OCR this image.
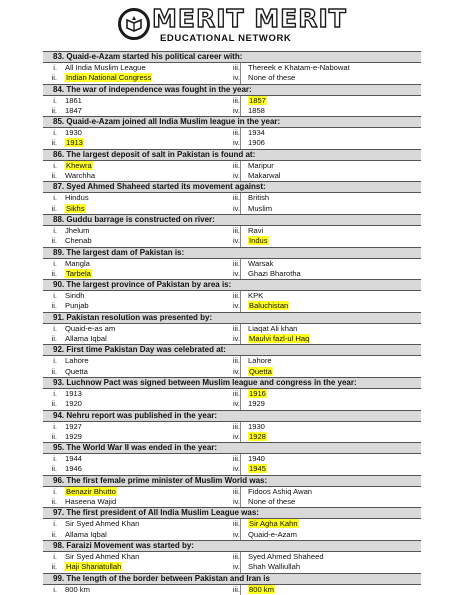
MERIT MERIT
EDUCATIONAL NETWORK
83. Quaid-e-Azam started his political career with:
i. All India Muslim League	iii. Thereek e Khatam-e-Nabowat
ii. Indian National Congress	iv. None of these
84. The war of independence was fought in the year:
i. 1861	iii. 1857
ii. 1847	iv. 1858
85. Quaid-e-Azam joined all India Muslim league in the year:
i. 1930	iii. 1934
ii. 1913	iv. 1906
86. The largest deposit of salt in Pakistan is found at:
i. Khewra	iii. Maripur
ii. Warchha	iv. Makarwal
87. Syed Ahmed Shaheed started its movement against:
i. Hindus	iii. British
ii. Sikhs	iv. Muslim
88. Guddu barrage is constructed on river:
i. Jhelum	iii. Ravi
ii. Chenab	iv. Indus
89. The largest dam of Pakistan is:
i. Mangla	iii. Warsak
ii. Tarbela	iv. Ghazi Bharotha
90. The largest province of Pakistan by area is:
i. Sindh	iii. KPK
ii. Punjab	iv. Baluchistan
91. Pakistan resolution was presented by:
i. Quaid-e-as am	iii. Liaqat Ali khan
ii. Allama Iqbal	iv. Maulvi fazl-ul Haq
92. First time Pakistan Day was celebrated at:
i. Lahore	iii. Lahore
ii. Quetta	iv. Quetta
93. Luchnow Pact was signed between Muslim league and congress in the year:
i. 1913	iii. 1916
ii. 1920	iv. 1929
94. Nehru report was published in the year:
i. 1927	iii. 1930
ii. 1929	iv. 1928
95. The World War II was ended in the year:
i. 1944	iii. 1940
ii. 1946	iv. 1945
96. The first female prime minister of Muslim World was:
i. Benazir Bhutto	iii. Fidoos Ashiq Awan
ii. Haseena Wajid	iv. None of these
97. The first president of All India Muslim League was:
i. Sir Syed Ahmed Khan	iii. Sir Agha Kahn
ii. Allama Iqbal	iv. Quaid-e-Azam
98. Faraizi Movement was started by:
i. Sir Syed Ahmed Khan	iii. Syed Ahmed Shaheed
ii. Haji Shariatullah	iv. Shah Walliullah
99. The length of the border between Pakistan and Iran is
i. 800 km	iii. 800 km
